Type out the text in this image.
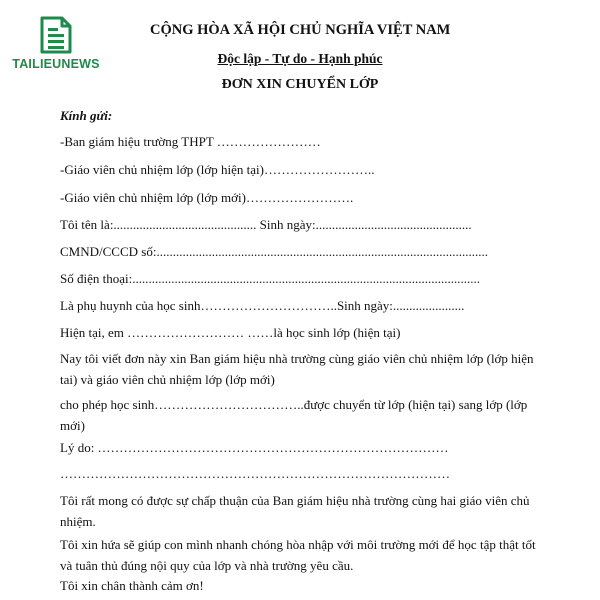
TAILIEUNEWS
CỘNG HÒA XÃ HỘI CHỦ NGHĨA VIỆT NAM
Độc lập - Tự do - Hạnh phúc
ĐƠN XIN CHUYỂN LỚP
Kính gửi:
-Ban giám hiệu trường THPT ……………………
-Giáo viên chủ nhiệm lớp (lớp hiện tại)……………………..
-Giáo viên chủ nhiệm lớp (lớp mới)…………………….
Tôi tên là:............................................ Sinh ngày:................................................
CMND/CCCD số:......................................................................................................
Số điện thoại:...........................................................................................................
Là phụ huynh của học sinh…………………………..Sinh ngày:......................
Hiện tại, em ……………………… ……là học sinh lớp (hiện tại)
Nay tôi viết đơn này xin Ban giám hiệu nhà trường cùng giáo viên chủ nhiệm lớp (lớp hiện tai) và giáo viên chủ nhiệm lớp (lớp mới)
cho phép học sinh……………………………..được chuyển từ lớp (hiện tại) sang lớp (lớp mới)
Lý do: ………………………………………………………………………
………………………………………………………………………………
Tôi rất mong có được sự chấp thuận của Ban giám hiệu nhà trường cùng hai giáo viên chủ nhiệm.
Tôi xin hứa sẽ giúp con mình nhanh chóng hòa nhập với môi trường mới để học tập thật tốt và tuân thủ đúng nội quy của lớp và nhà trường yêu cầu.
Tôi xin chân thành cảm ơn!
